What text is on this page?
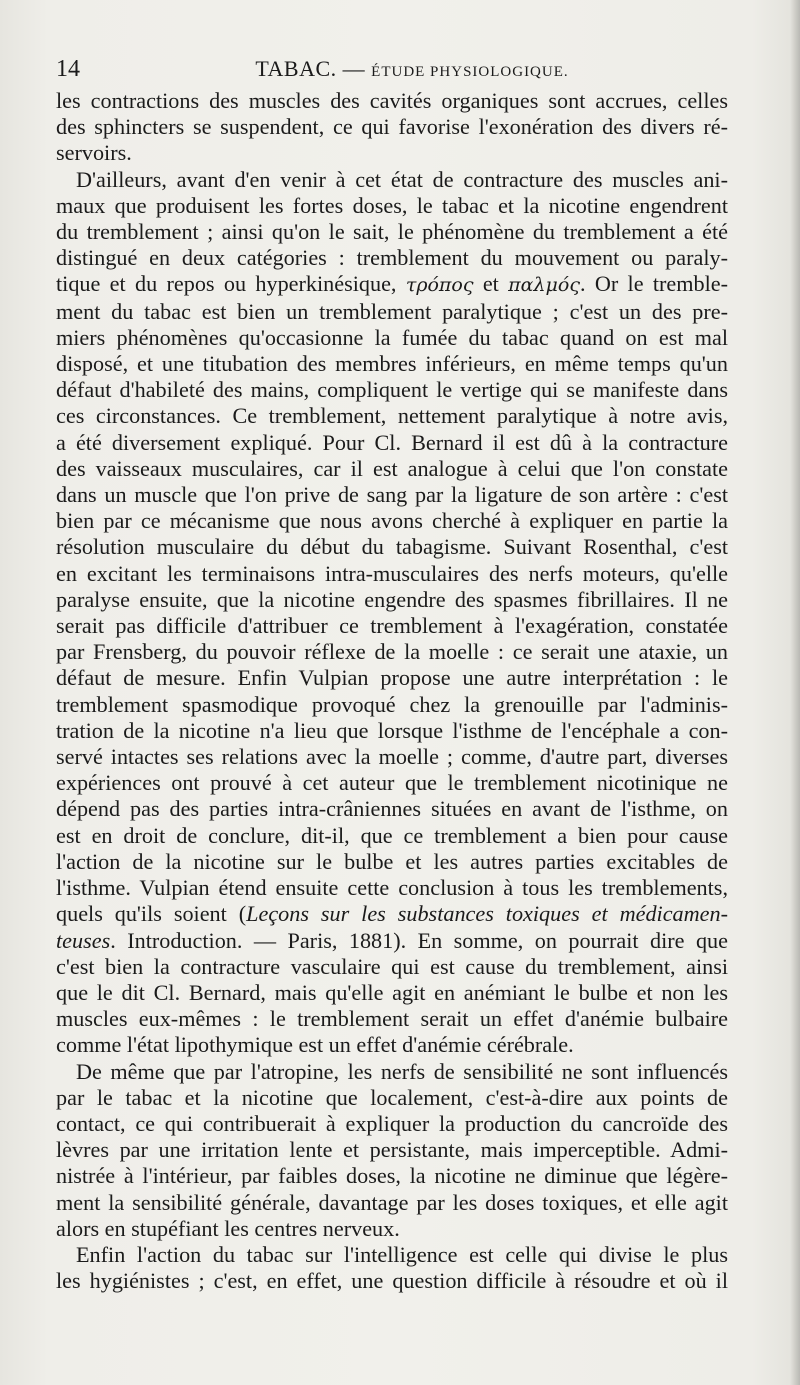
14	TABAC. — ÉTUDE PHYSIOLOGIQUE.

les contractions des muscles des cavités organiques sont accrues, celles
des sphincters se suspendent, ce qui favorise l'exonération des divers ré-
servoirs.

D'ailleurs, avant d'en venir à cet état de contracture des muscles ani-
maux que produisent les fortes doses, le tabac et la nicotine engendrent
du tremblement ; ainsi qu'on le sait, le phénomène du tremblement a été
distingué en deux catégories : tremblement du mouvement ou paraly-
tique et du repos ou hyperkinésique, τρόπος et παλμός. Or le tremble-
ment du tabac est bien un tremblement paralytique ; c'est un des pre-
miers phénomènes qu'occasionne la fumée du tabac quand on est mal
disposé, et une titubation des membres inférieurs, en même temps qu'un
défaut d'habileté des mains, compliquent le vertige qui se manifeste dans
ces circonstances. Ce tremblement, nettement paralytique à notre avis,
a été diversement expliqué. Pour Cl. Bernard il est dû à la contracture
des vaisseaux musculaires, car il est analogue à celui que l'on constate
dans un muscle que l'on prive de sang par la ligature de son artère : c'est
bien par ce mécanisme que nous avons cherché à expliquer en partie la
résolution musculaire du début du tabagisme. Suivant Rosenthal, c'est
en excitant les terminaisons intra-musculaires des nerfs moteurs, qu'elle
paralyse ensuite, que la nicotine engendre des spasmes fibrillaires. Il ne
serait pas difficile d'attribuer ce tremblement à l'exagération, constatée
par Frensberg, du pouvoir réflexe de la moelle : ce serait une ataxie, un
défaut de mesure. Enfin Vulpian propose une autre interprétation : le
tremblement spasmodique provoqué chez la grenouille par l'adminis-
tration de la nicotine n'a lieu que lorsque l'isthme de l'encéphale a con-
servé intactes ses relations avec la moelle ; comme, d'autre part, diverses
expériences ont prouvé à cet auteur que le tremblement nicotinique ne
dépend pas des parties intra-crâniennes situées en avant de l'isthme, on
est en droit de conclure, dit-il, que ce tremblement a bien pour cause
l'action de la nicotine sur le bulbe et les autres parties excitables de
l'isthme. Vulpian étend ensuite cette conclusion à tous les tremblements,
quels qu'ils soient (Leçons sur les substances toxiques et médicamen-
teuses. Introduction. — Paris, 1881). En somme, on pourrait dire que
c'est bien la contracture vasculaire qui est cause du tremblement, ainsi
que le dit Cl. Bernard, mais qu'elle agit en anémiant le bulbe et non les
muscles eux-mêmes : le tremblement serait un effet d'anémie bulbaire
comme l'état lipothymique est un effet d'anémie cérébrale.

De même que par l'atropine, les nerfs de sensibilité ne sont influencés
par le tabac et la nicotine que localement, c'est-à-dire aux points de
contact, ce qui contribuerait à expliquer la production du cancroïde des
lèvres par une irritation lente et persistante, mais imperceptible. Admi-
nistrée à l'intérieur, par faibles doses, la nicotine ne diminue que légère-
ment la sensibilité générale, davantage par les doses toxiques, et elle agit
alors en stupéfiant les centres nerveux.

Enfin l'action du tabac sur l'intelligence est celle qui divise le plus
les hygiénistes ; c'est, en effet, une question difficile à résoudre et où il
